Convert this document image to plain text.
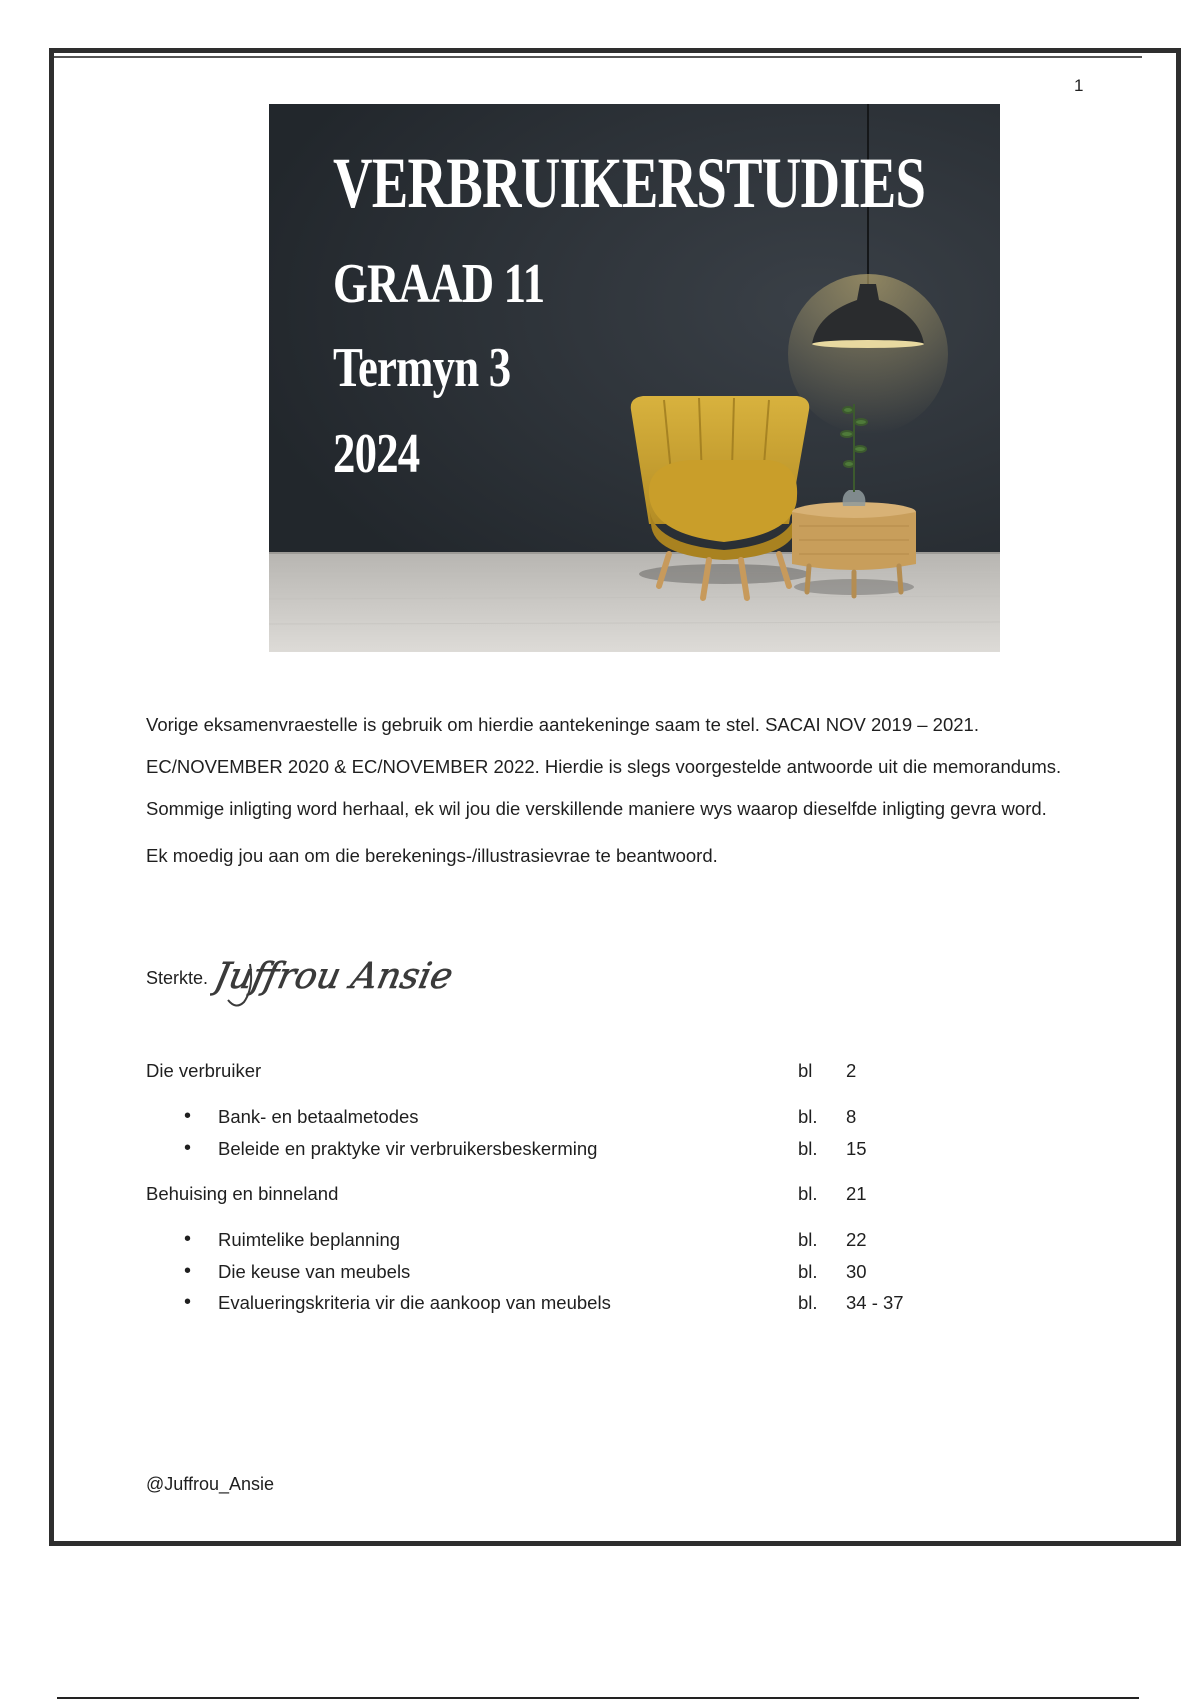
1
VERBRUIKERSTUDIES
GRAAD 11
Termyn 3
2024

Vorige eksamenvraestelle is gebruik om hierdie aantekeninge saam te stel. SACAI NOV 2019 – 2021. EC/NOVEMBER 2020 & EC/NOVEMBER 2022. Hierdie is slegs voorgestelde antwoorde uit die memorandums. Sommige inligting word herhaal, ek wil jou die verskillende maniere wys waarop dieselfde inligting gevra word.

Ek moedig jou aan om die berekenings-/illustrasievrae te beantwoord.

Sterkte. Juffrou Ansie
Die verbruiker	bl 2
• Bank- en betaalmetodes	bl. 8
• Beleide en praktyke vir verbruikersbeskerming	bl. 15
Behuising en binneland	bl. 21
• Ruimtelike beplanning	bl. 22
• Die keuse van meubels	bl. 30
• Evalueringskriteria vir die aankoop van meubels	bl. 34 - 37
@Juffrou_Ansie
